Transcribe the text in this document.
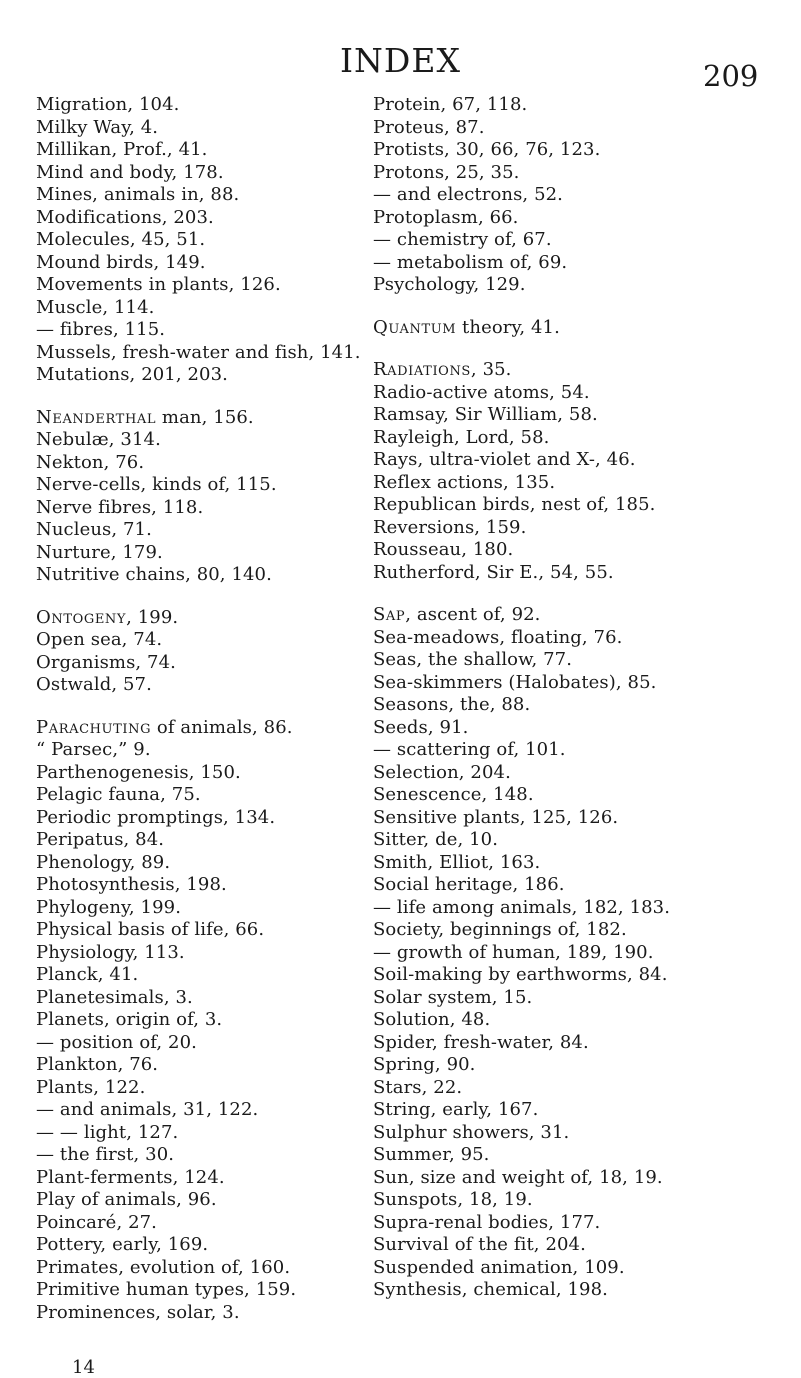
INDEX	209
Migration, 104.
Milky Way, 4.
Millikan, Prof., 41.
Mind and body, 178.
Mines, animals in, 88.
Modifications, 203.
Molecules, 45, 51.
Mound birds, 149.
Movements in plants, 126.
Muscle, 114.
— fibres, 115.
Mussels, fresh-water and fish, 141.
Mutations, 201, 203.
Neanderthal man, 156.
Nebulæ, 314.
Nekton, 76.
Nerve-cells, kinds of, 115.
Nerve fibres, 118.
Nucleus, 71.
Nurture, 179.
Nutritive chains, 80, 140.
Ontogeny, 199.
Open sea, 74.
Organisms, 74.
Ostwald, 57.
Parachuting of animals, 86.
“ Parsec,” 9.
Parthenogenesis, 150.
Pelagic fauna, 75.
Periodic promptings, 134.
Peripatus, 84.
Phenology, 89.
Photosynthesis, 198.
Phylogeny, 199.
Physical basis of life, 66.
Physiology, 113.
Planck, 41.
Planetesimals, 3.
Planets, origin of, 3.
— position of, 20.
Plankton, 76.
Plants, 122.
— and animals, 31, 122.
— — light, 127.
— the first, 30.
Plant-ferments, 124.
Play of animals, 96.
Poincaré, 27.
Pottery, early, 169.
Primates, evolution of, 160.
Primitive human types, 159.
Prominences, solar, 3.
Protein, 67, 118.
Proteus, 87.
Protists, 30, 66, 76, 123.
Protons, 25, 35.
— and electrons, 52.
Protoplasm, 66.
— chemistry of, 67.
— metabolism of, 69.
Psychology, 129.
Quantum theory, 41.
Radiations, 35.
Radio-active atoms, 54.
Ramsay, Sir William, 58.
Rayleigh, Lord, 58.
Rays, ultra-violet and X-, 46.
Reflex actions, 135.
Republican birds, nest of, 185.
Reversions, 159.
Rousseau, 180.
Rutherford, Sir E., 54, 55.
Sap, ascent of, 92.
Sea-meadows, floating, 76.
Seas, the shallow, 77.
Sea-skimmers (Halobates), 85.
Seasons, the, 88.
Seeds, 91.
— scattering of, 101.
Selection, 204.
Senescence, 148.
Sensitive plants, 125, 126.
Sitter, de, 10.
Smith, Elliot, 163.
Social heritage, 186.
— life among animals, 182, 183.
Society, beginnings of, 182.
— growth of human, 189, 190.
Soil-making by earthworms, 84.
Solar system, 15.
Solution, 48.
Spider, fresh-water, 84.
Spring, 90.
Stars, 22.
String, early, 167.
Sulphur showers, 31.
Summer, 95.
Sun, size and weight of, 18, 19.
Sunspots, 18, 19.
Supra-renal bodies, 177.
Survival of the fit, 204.
Suspended animation, 109.
Synthesis, chemical, 198.
14
